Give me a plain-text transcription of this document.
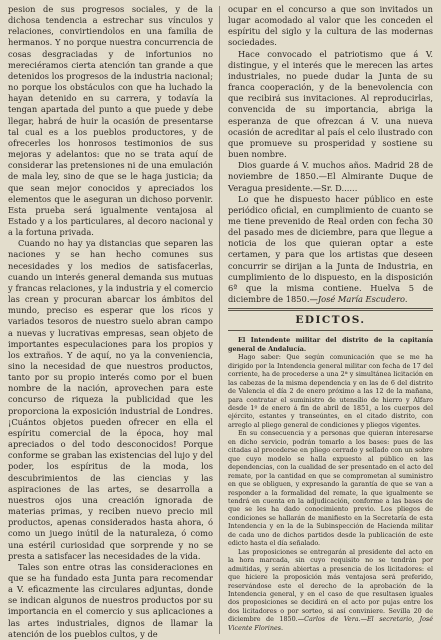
pesion de sus progresos sociales, y de la dichosa tendencia a estrechar sus vínculos y relaciones, convirtiendolos en una familia de hermanos. Y no porque nuestra concurrencia de cosas desgraciadas y de infortunios no mereciéramos cierta atención tan grande a que detenidos los progresos de la industria nacional; no porque los obstáculos con que ha luchado la hayan detenido en su carrera, y todavía la tengan apartada del punto a que puede y debe llegar, habrá de huir la ocasión de presentarse tal cual es a los pueblos productores, y de ofrecerles los honrosos testimonios de sus mejoras y adelantos: que no se trata aquí de considerar las pretensiones ni de una emulación de mala ley, sino de que se le haga justicia; da que sean mejor conocidos y apreciados los elementos que le aseguran un dichoso porvenir. Esta prueba será igualmente ventajosa al Estado y a los particulares, al decoro nacional y a la fortuna privada.

Cuando no hay ya distancias que separen las naciones y se han hecho comunes sus necesidades y los medios de satisfacerlas, cuando un interés general demanda sus mutuas y francas relaciones, y la industria y el comercio las crean y procuran abarcar los ámbitos del mundo, preciso es esperar que los ricos y variados tesoros de nuestro suelo abran campo a nuevas y lucrativas empresas, sean objeto de importantes especulaciones para los propios y los extraños. Y de aquí, no ya la conveniencia, sino la necesidad de que nuestros productos, tanto por su propio interés como por el buen nombre de la nación, aprovechen para este concurso de riqueza la publicidad que les proporciona la exposición industrial de Londres. ¡Cuántos objetos pueden ofrecer en ella el espíritu comercial de la época, hoy mal apreciados o del todo desconocidos! Porque conforme se graban las existencias del lujo y del poder, los espíritus de la moda, los descubrimientos de las ciencias y las aspiraciones de las artes, se desarrolla a nuestros ojos una creación ignorada de materias primas, y reciben nuevo precio mil productos, apenas considerados hasta ahora, ó como un juego inútil de la naturaleza, ó como una estéril curiosidad que sorprende y no se presta a satisfacer las necesidades de la vida.

Tales son entre otras las consideraciones en que se ha fundado esta Junta para recomendar a V. eficazmente las circulares adjuntas, donde se indican algunos de nuestros productos por su importancia en el comercio y sus aplicaciones a las artes industriales, dignos de llamar la atención de los pueblos cultos, y de

ocupar en el concurso a que son invitados un lugar acomodado al valor que les conceden el espíritu del siglo y la cultura de las modernas sociedades.

Hace convocado el patriotismo que á V. distingue, y el interés que le merecen las artes industriales, no puede dudar la Junta de su franca cooperación, y de la benevolencia con que recibirá sus invitaciones. Al reproducirlas, convencida de su importancia, abriga la esperanza de que ofrezcan á V. una nueva ocasión de acreditar al país el celo ilustrado con que promueve su prosperidad y sostiene su buen nombre.

Dios guarde á V. muchos años. Madrid 28 de noviembre de 1850.—El Almirante Duque de Veragua presidente.—Sr. D......

Lo que he dispuesto hacer público en este periódico oficial, en cumplimiento de cuanto se me tiene prevenido de Real orden con fecha 30 del pasado mes de diciembre, para que llegue a noticia de los que quieran optar a este certamen, y para que los artistas que deseen concurrir se dirijan a la Junta de Industria, en cumplimiento de lo dispuesto, en la disposición 6ª que la misma contiene. Huelva 5 de diciembre de 1850.—José María Escudero.

EDICTOS.

El Intendente militar del distrito de la capitanía general de Andalucía.

Hago saber: Que según comunicación que se me ha dirigido por la Intendencia general militar con fecha de 17 del corriente, ha de procederse a una 2ª y simultánea licitación en las cabezas de la misma dependencia y en las de 6 del distrito de Valencia el día 2 de enero próximo a las 12 de la mañana, para contratar el suministro de utensilio de hierro y Alfaro desde 1º de enero á fin de abril de 1851, a los cuerpos del ejército, estantes y transeúntes, en el citado distrito, con arreglo al pliego general de condiciones y pliegos vigentes.

En su consecuencia y a personas que quieran interesarse en dicho servicio, podrán tomarlo a los bases: pues de las citadas al procederse en pliego cerrado y sellado con un sobre que cuyo modelo se halla expuesto al público en las dependencias, con la cualidad de ser presentado en el acto del remate, por la cantidad en que se comprometan al suministro en que se obliguen, y expresando la garantía de que se van a responder a la formalidad del remate, la que igualmente se tendrá en cuenta en la adjudicación, conforme a las bases de que se les ha dado conocimiento previo. Los pliegos de condiciones se hallarán de manifiesto en la Secretaría de esta Intendencia y en la de la Subinspección de Hacienda militar de cada uno de dichos partidos desde la publicación de este edicto hasta el día señalado.

Las proposiciones se entregarán al presidente del acto en la hora marcada, sin cuyo requisito no se tendrán por admitidas, y serán abiertas a presencia de los licitadores: el que hiciere la proposición más ventajosa será preferido, reservándose este el derecho de la aprobación de la Intendencia general, y en el caso de que resultasen iguales dos proposiciones se decidirá en el acto por pujas entre los dos licitadores o por sorteo, si así conviniere. Sevilla 20 de diciembre de 1850.—Carlos de Vera.—El secretario, José Vicente Florines.
